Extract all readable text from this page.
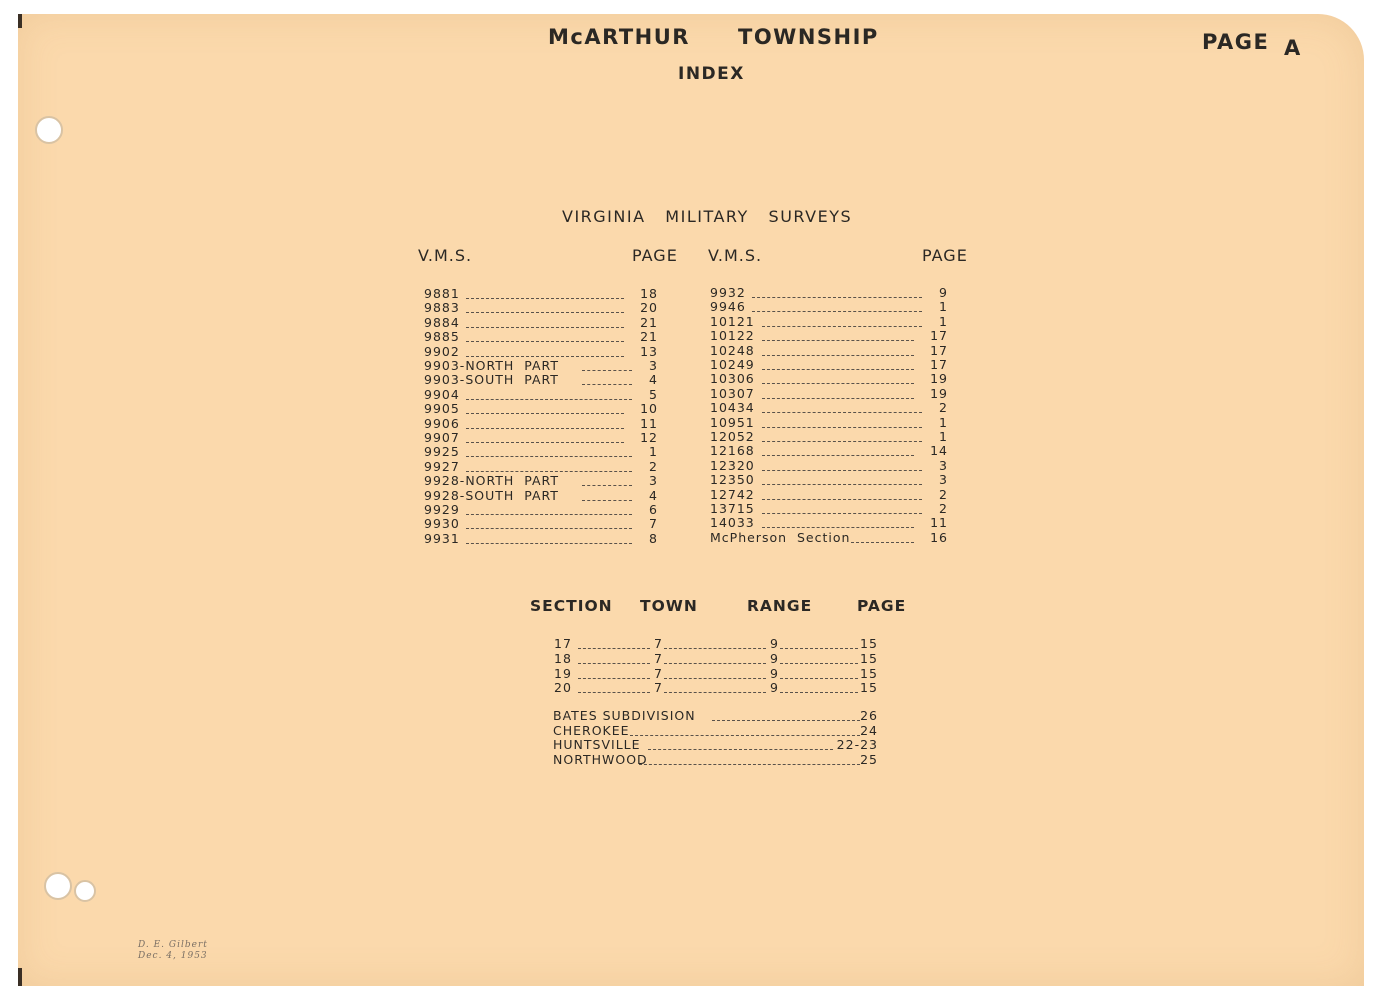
McARTHUR TOWNSHIP
INDEX
PAGE A
VIRGINIA   MILITARY   SURVEYS
V.M.S.	PAGE V.M.S.	PAGE
9881	18
9883	20
9884	21
9885	21
9902	13
9903-NORTH  PART	3
9903-SOUTH  PART	4
9904	5
9905	10
9906	11
9907	12
9925	1
9927	2
9928-NORTH  PART	3
9928-SOUTH  PART	4
9929	6
9930	7
9931	8
9932	9
9946	1
10121	1
10122	17
10248	17
10249	17
10306	19
10307	19
10434	2
10951	1
12052	1
12168	14
12320	3
12350	3
12742	2
13715	2
14033	11
McPherson  Section	16
SECTION TOWN	RANGE	PAGE
17	7	9	15
18	7	9	15
19	7	9	15
20	7	9	15
BATES SUBDIVISION	26
CHEROKEE	24
HUNTSVILLE	22-23
NORTHWOOD	25
D. E. Gilbert
Dec. 4, 1953
